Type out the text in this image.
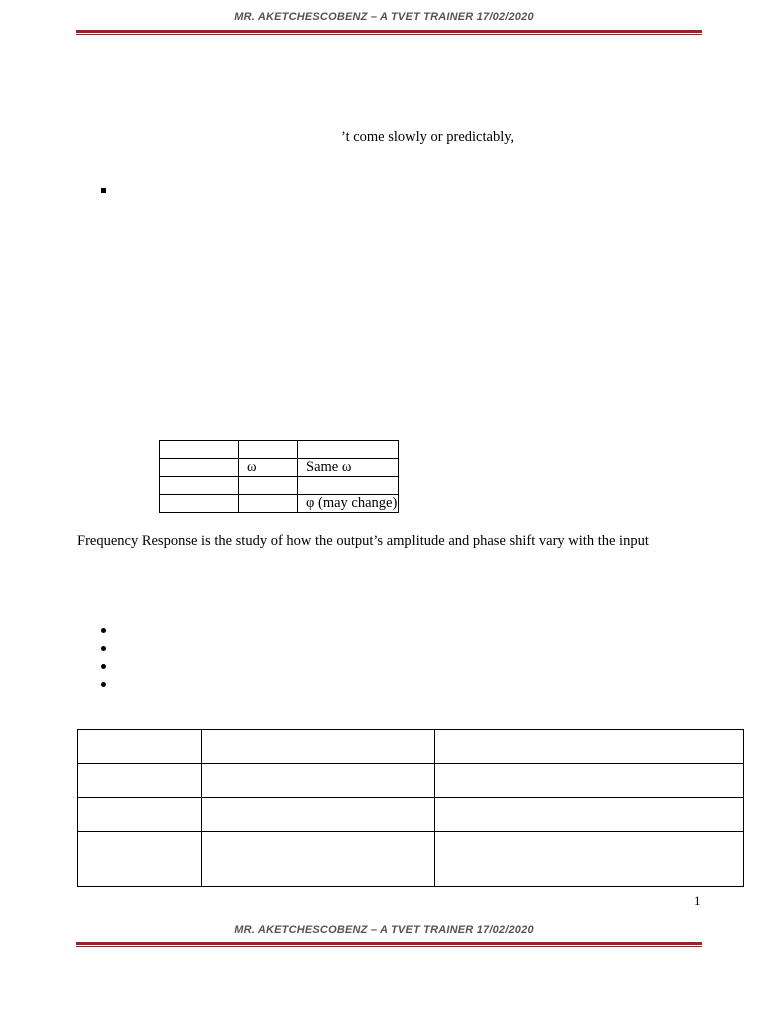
MR. AKETCHESCOBENZ – A TVET TRAINER 17/02/2020
’t come slowly or predictably,

	ω	Same ω

		φ (may change)
Frequency Response is the study of how the output’s amplitude and phase shift vary with the input

1
MR. AKETCHESCOBENZ – A TVET TRAINER 17/02/2020
